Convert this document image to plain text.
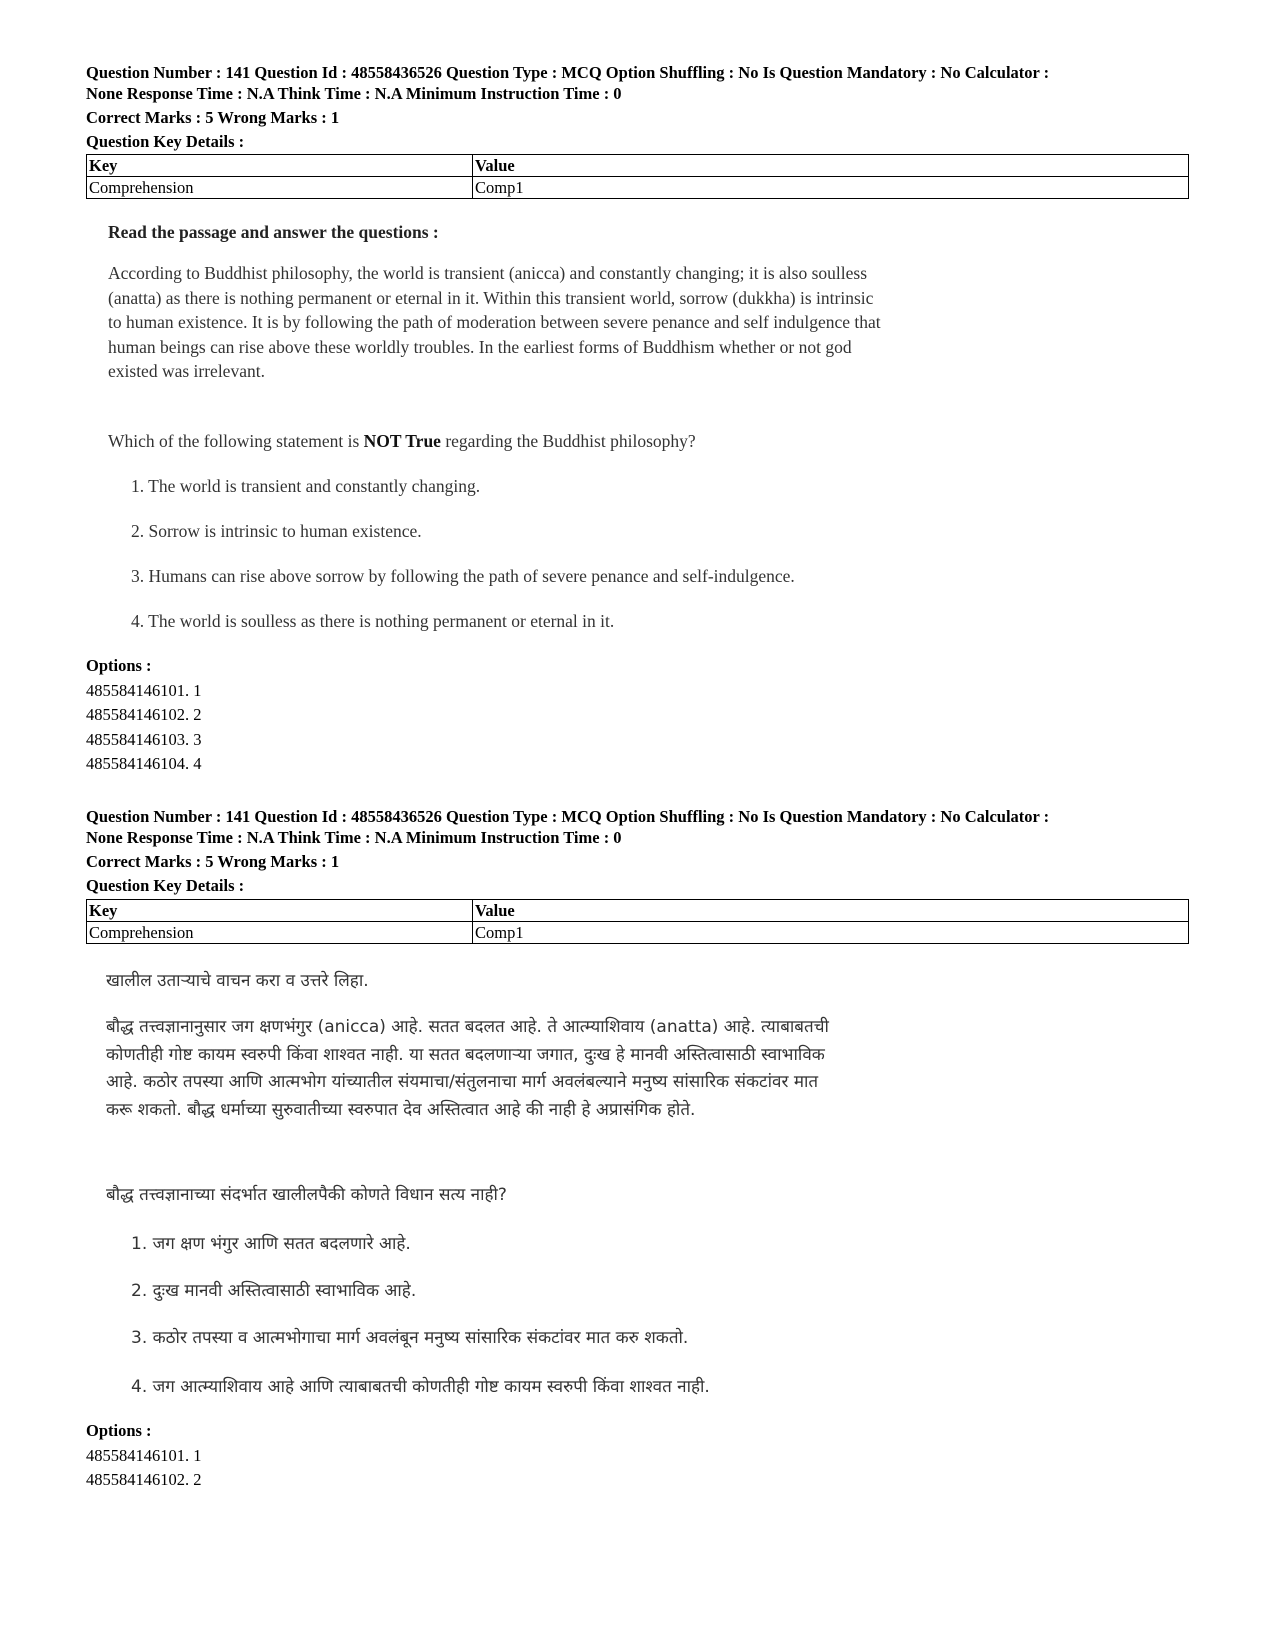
Question Number : 141 Question Id : 48558436526 Question Type : MCQ Option Shuffling : No Is Question Mandatory : No Calculator :
None Response Time : N.A Think Time : N.A Minimum Instruction Time : 0
Correct Marks : 5 Wrong Marks : 1
Question Key Details :
Key	Value
Comprehension	Comp1
Read the passage and answer the questions :
According to Buddhist philosophy, the world is transient (anicca) and constantly changing; it is also soulless
(anatta) as there is nothing permanent or eternal in it. Within this transient world, sorrow (dukkha) is intrinsic
to human existence. It is by following the path of moderation between severe penance and self indulgence that
human beings can rise above these worldly troubles. In the earliest forms of Buddhism whether or not god
existed was irrelevant.
Which of the following statement is NOT True regarding the Buddhist philosophy?
1. The world is transient and constantly changing.
2. Sorrow is intrinsic to human existence.
3. Humans can rise above sorrow by following the path of severe penance and self-indulgence.
4. The world is soulless as there is nothing permanent or eternal in it.
Options :
485584146101. 1
485584146102. 2
485584146103. 3
485584146104. 4
Question Number : 141 Question Id : 48558436526 Question Type : MCQ Option Shuffling : No Is Question Mandatory : No Calculator :
None Response Time : N.A Think Time : N.A Minimum Instruction Time : 0
Correct Marks : 5 Wrong Marks : 1
Question Key Details :
Key	Value
Comprehension	Comp1
खालील उताऱ्याचे वाचन करा व उत्तरे लिहा.
बौद्ध तत्त्वज्ञानानुसार जग क्षणभंगुर (anicca) आहे. सतत बदलत आहे. ते आत्म्याशिवाय (anatta) आहे. त्याबाबतची
कोणतीही गोष्ट कायम स्वरुपी किंवा शाश्वत नाही. या सतत बदलणाऱ्या जगात, दुःख हे मानवी अस्तित्वासाठी स्वाभाविक
आहे. कठोर तपस्या आणि आत्मभोग यांच्यातील संयमाचा/संतुलनाचा मार्ग अवलंबल्याने मनुष्य सांसारिक संकटांवर मात
करू शकतो. बौद्ध धर्माच्या सुरुवातीच्या स्वरुपात देव अस्तित्वात आहे की नाही हे अप्रासंगिक होते.
बौद्ध तत्त्वज्ञानाच्या संदर्भात खालीलपैकी कोणते विधान सत्य नाही?
1. जग क्षण भंगुर आणि सतत बदलणारे आहे.
2. दुःख मानवी अस्तित्वासाठी स्वाभाविक आहे.
3. कठोर तपस्या व आत्मभोगाचा मार्ग अवलंबून मनुष्य सांसारिक संकटांवर मात करु शकतो.
4. जग आत्म्याशिवाय आहे आणि त्याबाबतची कोणतीही गोष्ट कायम स्वरुपी किंवा शाश्वत नाही.
Options :
485584146101. 1
485584146102. 2
